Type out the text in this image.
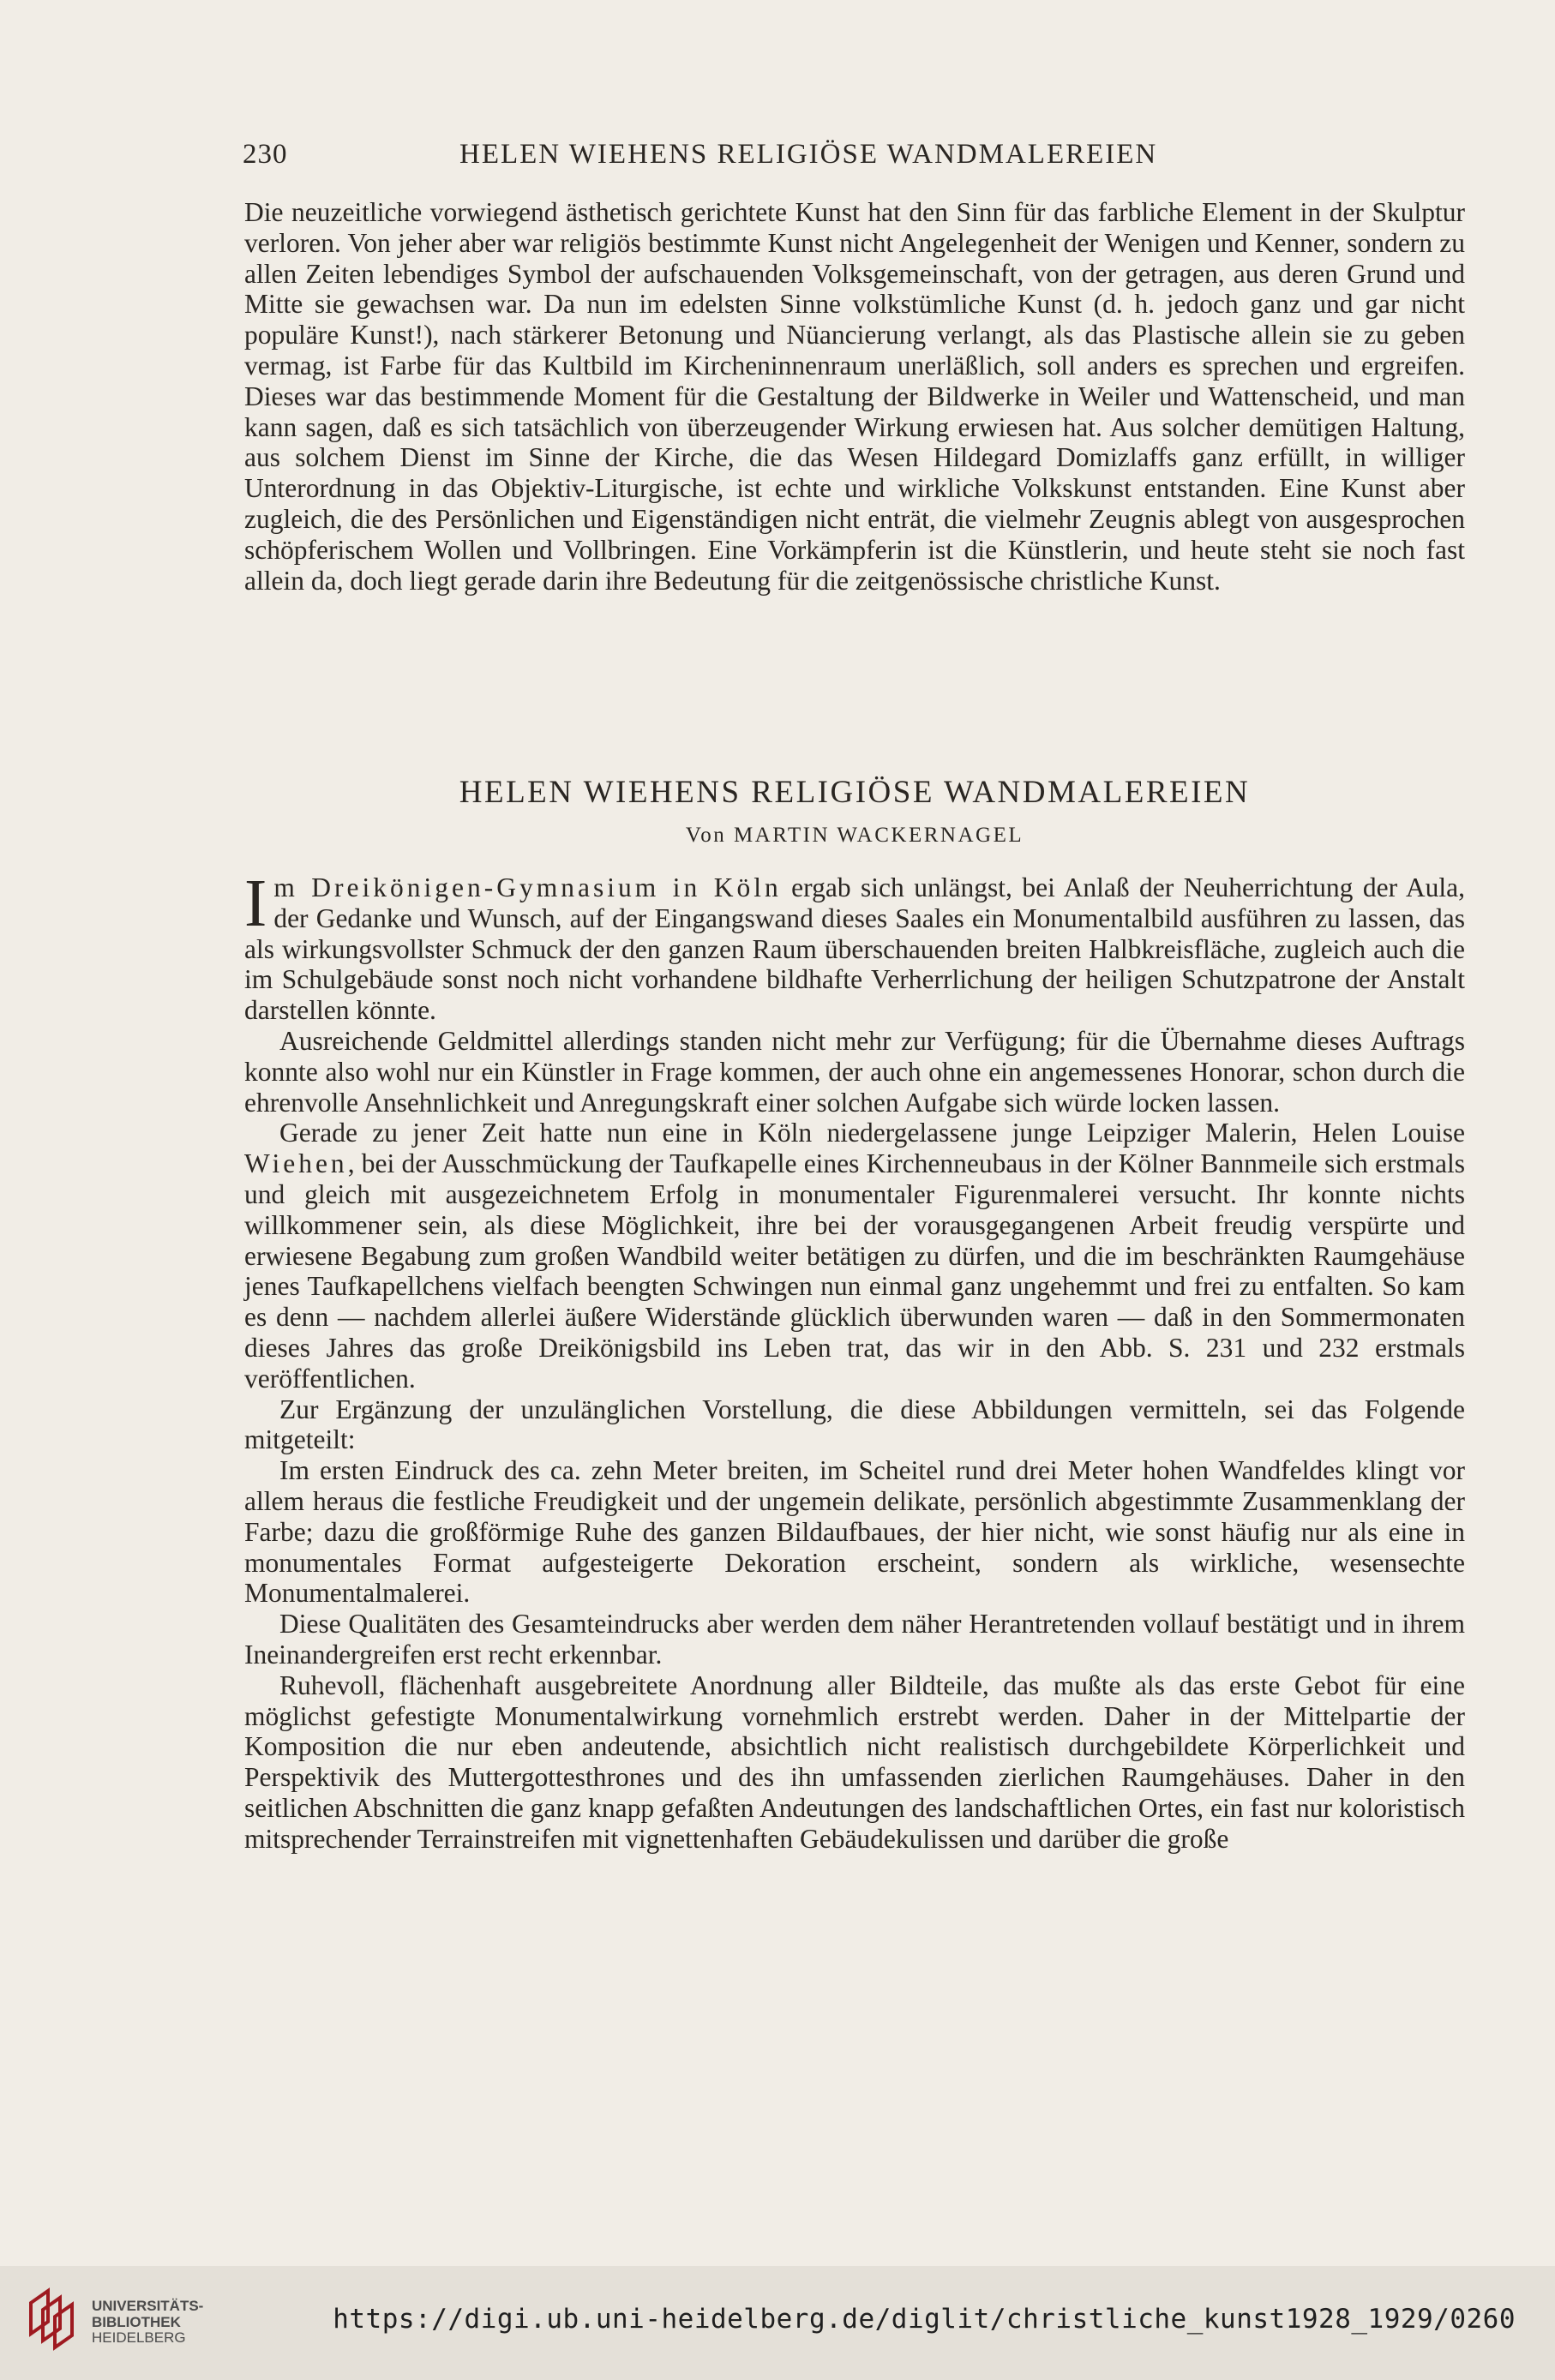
230	HELEN WIEHENS RELIGIÖSE WANDMALEREIEN

Die neuzeitliche vorwiegend ästhetisch gerichtete Kunst hat den Sinn für das farbliche Element in der Skulptur verloren. Von jeher aber war religiös bestimmte Kunst nicht Angelegenheit der Wenigen und Kenner, sondern zu allen Zeiten lebendiges Symbol der aufschauenden Volksgemeinschaft, von der getragen, aus deren Grund und Mitte sie gewachsen war. Da nun im edelsten Sinne volkstümliche Kunst (d. h. jedoch ganz und gar nicht populäre Kunst!), nach stärkerer Betonung und Nüancierung verlangt, als das Plastische allein sie zu geben vermag, ist Farbe für das Kultbild im Kircheninnenraum unerläßlich, soll anders es sprechen und ergreifen. Dieses war das bestimmende Moment für die Gestaltung der Bildwerke in Weiler und Wattenscheid, und man kann sagen, daß es sich tatsächlich von überzeugender Wirkung erwiesen hat. Aus solcher demütigen Haltung, aus solchem Dienst im Sinne der Kirche, die das Wesen Hildegard Domizlaffs ganz erfüllt, in williger Unterordnung in das Objektiv-Liturgische, ist echte und wirkliche Volkskunst entstanden. Eine Kunst aber zugleich, die des Persönlichen und Eigenständigen nicht enträt, die vielmehr Zeugnis ablegt von ausgesprochen schöpferischem Wollen und Vollbringen. Eine Vorkämpferin ist die Künstlerin, und heute steht sie noch fast allein da, doch liegt gerade darin ihre Bedeutung für die zeitgenössische christliche Kunst.

HELEN WIEHENS RELIGIÖSE WANDMALEREIEN
Von MARTIN WACKERNAGEL

Im Dreikönigen-Gymnasium in Köln ergab sich unlängst, bei Anlaß der Neuherrichtung der Aula, der Gedanke und Wunsch, auf der Eingangswand dieses Saales ein Monumentalbild ausführen zu lassen, das als wirkungsvollster Schmuck der den ganzen Raum überschauenden breiten Halbkreisfläche, zugleich auch die im Schulgebäude sonst noch nicht vorhandene bildhafte Verherrlichung der heiligen Schutzpatrone der Anstalt darstellen könnte.

Ausreichende Geldmittel allerdings standen nicht mehr zur Verfügung; für die Übernahme dieses Auftrags konnte also wohl nur ein Künstler in Frage kommen, der auch ohne ein angemessenes Honorar, schon durch die ehrenvolle Ansehnlichkeit und Anregungskraft einer solchen Aufgabe sich würde locken lassen.

Gerade zu jener Zeit hatte nun eine in Köln niedergelassene junge Leipziger Malerin, Helen Louise Wiehen, bei der Ausschmückung der Taufkapelle eines Kirchenneubaus in der Kölner Bannmeile sich erstmals und gleich mit ausgezeichnetem Erfolg in monumentaler Figurenmalerei versucht. Ihr konnte nichts willkommener sein, als diese Möglichkeit, ihre bei der vorausgegangenen Arbeit freudig verspürte und erwiesene Begabung zum großen Wandbild weiter betätigen zu dürfen, und die im beschränkten Raumgehäuse jenes Taufkapellchens vielfach beengten Schwingen nun einmal ganz ungehemmt und frei zu entfalten. So kam es denn — nachdem allerlei äußere Widerstände glücklich überwunden waren — daß in den Sommermonaten dieses Jahres das große Dreikönigsbild ins Leben trat, das wir in den Abb. S. 231 und 232 erstmals veröffentlichen.

Zur Ergänzung der unzulänglichen Vorstellung, die diese Abbildungen vermitteln, sei das Folgende mitgeteilt:

Im ersten Eindruck des ca. zehn Meter breiten, im Scheitel rund drei Meter hohen Wandfeldes klingt vor allem heraus die festliche Freudigkeit und der ungemein delikate, persönlich abgestimmte Zusammenklang der Farbe; dazu die großförmige Ruhe des ganzen Bildaufbaues, der hier nicht, wie sonst häufig nur als eine in monumentales Format aufgesteigerte Dekoration erscheint, sondern als wirkliche, wesensechte Monumentalmalerei.

Diese Qualitäten des Gesamteindrucks aber werden dem näher Herantretenden vollauf bestätigt und in ihrem Ineinandergreifen erst recht erkennbar.

Ruhevoll, flächenhaft ausgebreitete Anordnung aller Bildteile, das mußte als das erste Gebot für eine möglichst gefestigte Monumentalwirkung vornehmlich erstrebt werden. Daher in der Mittelpartie der Komposition die nur eben andeutende, absichtlich nicht realistisch durchgebildete Körperlichkeit und Perspektivik des Muttergottesthrones und des ihn umfassenden zierlichen Raumgehäuses. Daher in den seitlichen Abschnitten die ganz knapp gefaßten Andeutungen des landschaftlichen Ortes, ein fast nur koloristisch mitsprechender Terrainstreifen mit vignettenhaften Gebäudekulissen und darüber die große

UNIVERSITÄTS-
BIBLIOTHEK
HEIDELBERG
https://digi.ub.uni-heidelberg.de/diglit/christliche_kunst1928_1929/0260
